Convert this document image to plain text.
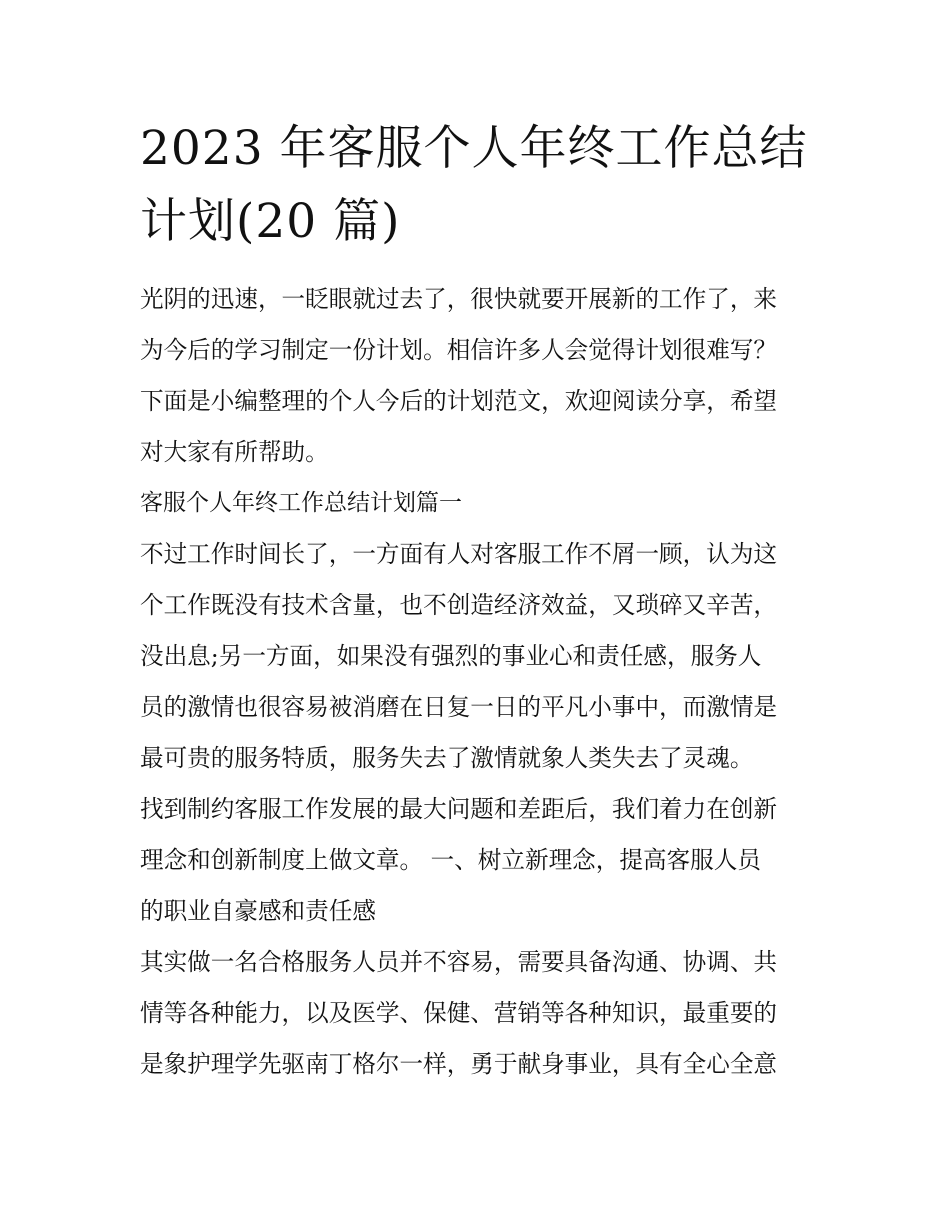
2023 年客服个人年终工作总结
计划(20 篇)

光阴的迅速，一眨眼就过去了，很快就要开展新的工作了，来
为今后的学习制定一份计划。相信许多人会觉得计划很难写？
下面是小编整理的个人今后的计划范文，欢迎阅读分享，希望
对大家有所帮助。

客服个人年终工作总结计划篇一

不过工作时间长了，一方面有人对客服工作不屑一顾，认为这
个工作既没有技术含量，也不创造经济效益，又琐碎又辛苦，
没出息;另一方面，如果没有强烈的事业心和责任感，服务人
员的激情也很容易被消磨在日复一日的平凡小事中，而激情是
最可贵的服务特质，服务失去了激情就象人类失去了灵魂。

找到制约客服工作发展的最大问题和差距后，我们着力在创新
理念和创新制度上做文章。 一、树立新理念，提高客服人员
的职业自豪感和责任感

其实做一名合格服务人员并不容易，需要具备沟通、协调、共
情等各种能力，以及医学、保健、营销等各种知识，最重要的
是象护理学先驱南丁格尔一样，勇于献身事业，具有全心全意
